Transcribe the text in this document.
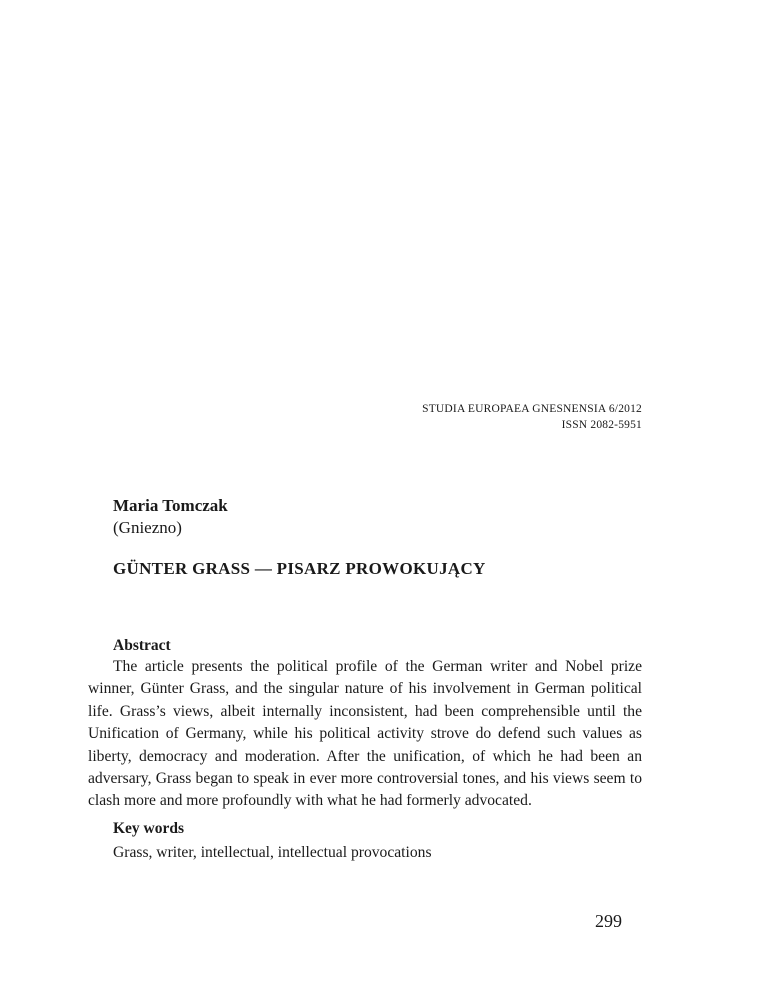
STUDIA EUROPAEA GNESNENSIA 6/2012
ISSN 2082-5951
Maria Tomczak
(Gniezno)
GÜNTER GRASS — PISARZ PROWOKUJĄCY
Abstract

The article presents the political profile of the German writer and Nobel prize winner, Günter Grass, and the singular nature of his involvement in German political life. Grass’s views, albeit internally inconsistent, had been comprehensible until the Unification of Germany, while his political activity strove do defend such values as liberty, democracy and moderation. After the unification, of which he had been an adversary, Grass began to speak in ever more controversial tones, and his views seem to clash more and more profoundly with what he had formerly advocated.

Key words
Grass, writer, intellectual, intellectual provocations
299
